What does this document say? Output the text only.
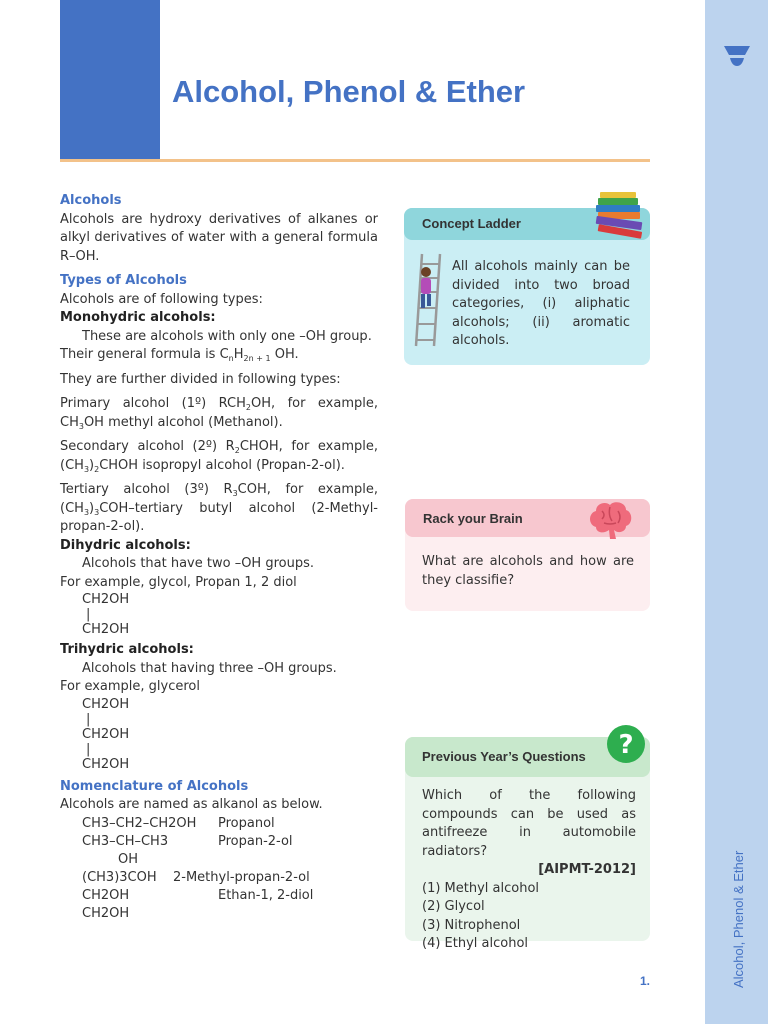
Alcohol, Phenol & Ether
Alcohol, Phenol & Ether
Alcohols
Alcohols are hydroxy derivatives of alkanes or alkyl derivatives of water with a general formula R–OH.
Types of Alcohols
Alcohols are of following types:
Monohydric alcohols:
These are alcohols with only one –OH group.
Their general formula is $C_nH_{2n + 1}$ OH.
They are further divided in following types:
Primary alcohol (1º) $RCH_2OH$, for example, $CH_3OH$ methyl alcohol (Methanol).
Secondary alcohol (2º) $R_2CHOH$, for example, $(CH_3)_2CHOH$ isopropyl alcohol (Propan-2-ol).
Tertiary alcohol (3º) $R_3COH$, for example, $(CH_3)_3COH$–tertiary butyl alcohol (2-Methyl-propan-2-ol).
Dihydric alcohols:
Alcohols that have two –OH groups.
For example, glycol, Propan 1, 2 diol
CH2OH
|
CH2OH
Trihydric alcohols:
Alcohols that having three –OH groups.
For example, glycerol
CH2OH
|
CH2OH
|
CH2OH
Nomenclature of Alcohols
Alcohols are named as alkanol as below.
CH3–CH2–CH2OH	Propanol
CH3–CH–CH3	Propan-2-ol
OH
(CH3)3COH	2-Methyl-propan-2-ol
CH2OH	Ethan-1, 2-diol
CH2OH
Concept Ladder
All alcohols mainly can be divided into two broad categories, (i) aliphatic alcohols; (ii) aromatic alcohols.
Rack your Brain
What are alcohols and how are they classifie?
Previous Year’s Questions
Which of the following compounds can be used as antifreeze in automobile radiators?
[AIPMT-2012]
(1) Methyl alcohol
(2) Glycol
(3) Nitrophenol
(4) Ethyl alcohol
?
1.
